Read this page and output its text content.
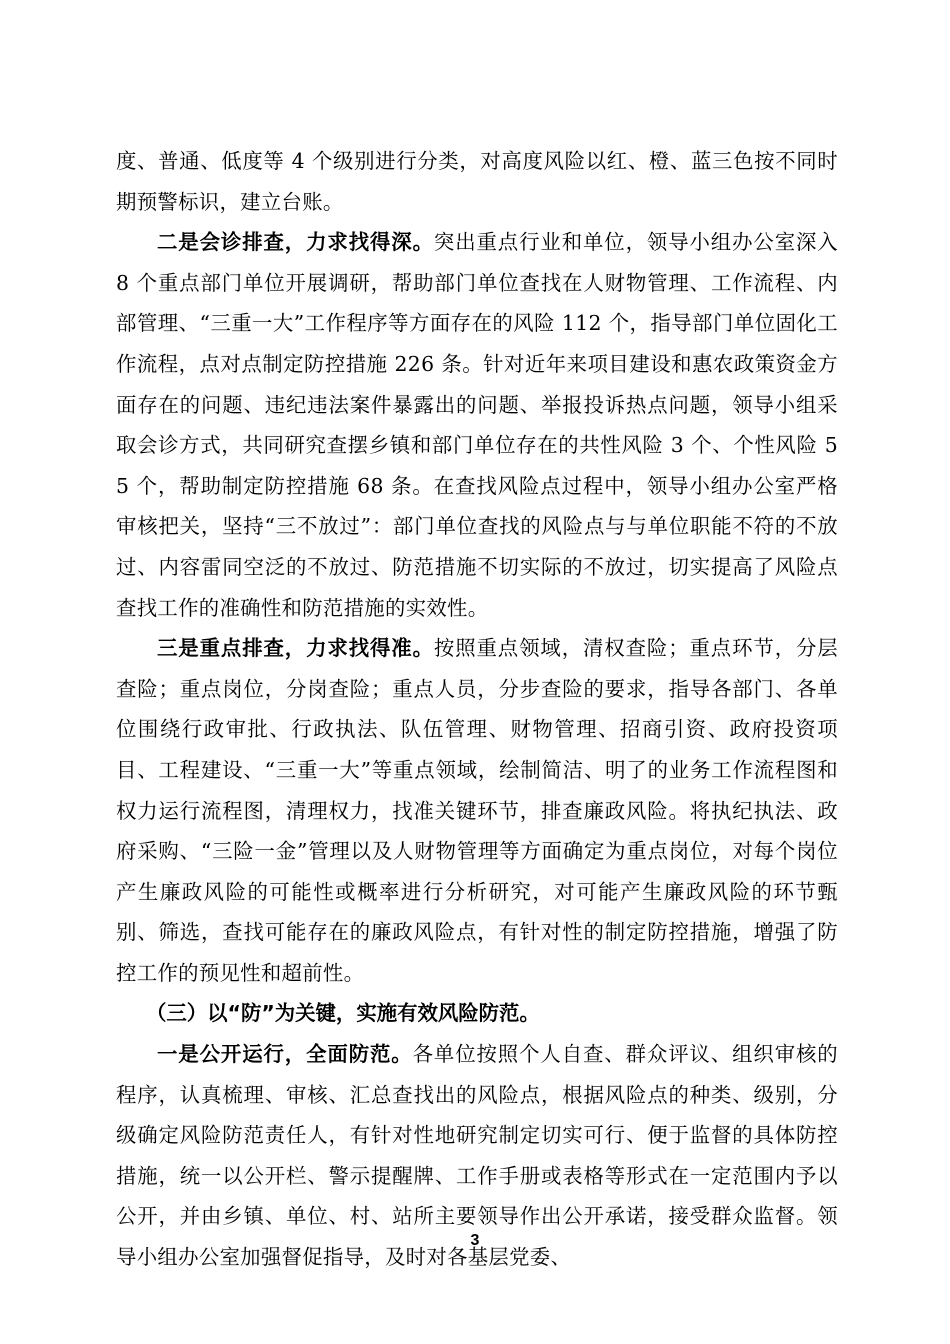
度、普通、低度等 4 个级别进行分类，对高度风险以红、橙、蓝三色按不同时期预警标识，建立台账。

二是会诊排查，力求找得深。突出重点行业和单位，领导小组办公室深入 8 个重点部门单位开展调研，帮助部门单位查找在人财物管理、工作流程、内部管理、“三重一大”工作程序等方面存在的风险 112 个，指导部门单位固化工作流程，点对点制定防控措施 226 条。针对近年来项目建设和惠农政策资金方面存在的问题、违纪违法案件暴露出的问题、举报投诉热点问题，领导小组采取会诊方式，共同研究查摆乡镇和部门单位存在的共性风险 3 个、个性风险 55 个，帮助制定防控措施 68 条。在查找风险点过程中，领导小组办公室严格审核把关，坚持“三不放过”：部门单位查找的风险点与与单位职能不符的不放过、内容雷同空泛的不放过、防范措施不切实际的不放过，切实提高了风险点查找工作的准确性和防范措施的实效性。

三是重点排查，力求找得准。按照重点领域，清权查险；重点环节，分层查险；重点岗位，分岗查险；重点人员，分步查险的要求，指导各部门、各单位围绕行政审批、行政执法、队伍管理、财物管理、招商引资、政府投资项目、工程建设、“三重一大”等重点领域，绘制简洁、明了的业务工作流程图和权力运行流程图，清理权力，找准关键环节，排查廉政风险。将执纪执法、政府采购、“三险一金”管理以及人财物管理等方面确定为重点岗位，对每个岗位产生廉政风险的可能性或概率进行分析研究，对可能产生廉政风险的环节甄别、筛选，查找可能存在的廉政风险点，有针对性的制定防控措施，增强了防控工作的预见性和超前性。

（三）以“防”为关键，实施有效风险防范。

一是公开运行，全面防范。各单位按照个人自查、群众评议、组织审核的程序，认真梳理、审核、汇总查找出的风险点，根据风险点的种类、级别，分级确定风险防范责任人，有针对性地研究制定切实可行、便于监督的具体防控措施，统一以公开栏、警示提醒牌、工作手册或表格等形式在一定范围内予以公开，并由乡镇、单位、村、站所主要领导作出公开承诺，接受群众监督。领导小组办公室加强督促指导，及时对各基层党委、

3
